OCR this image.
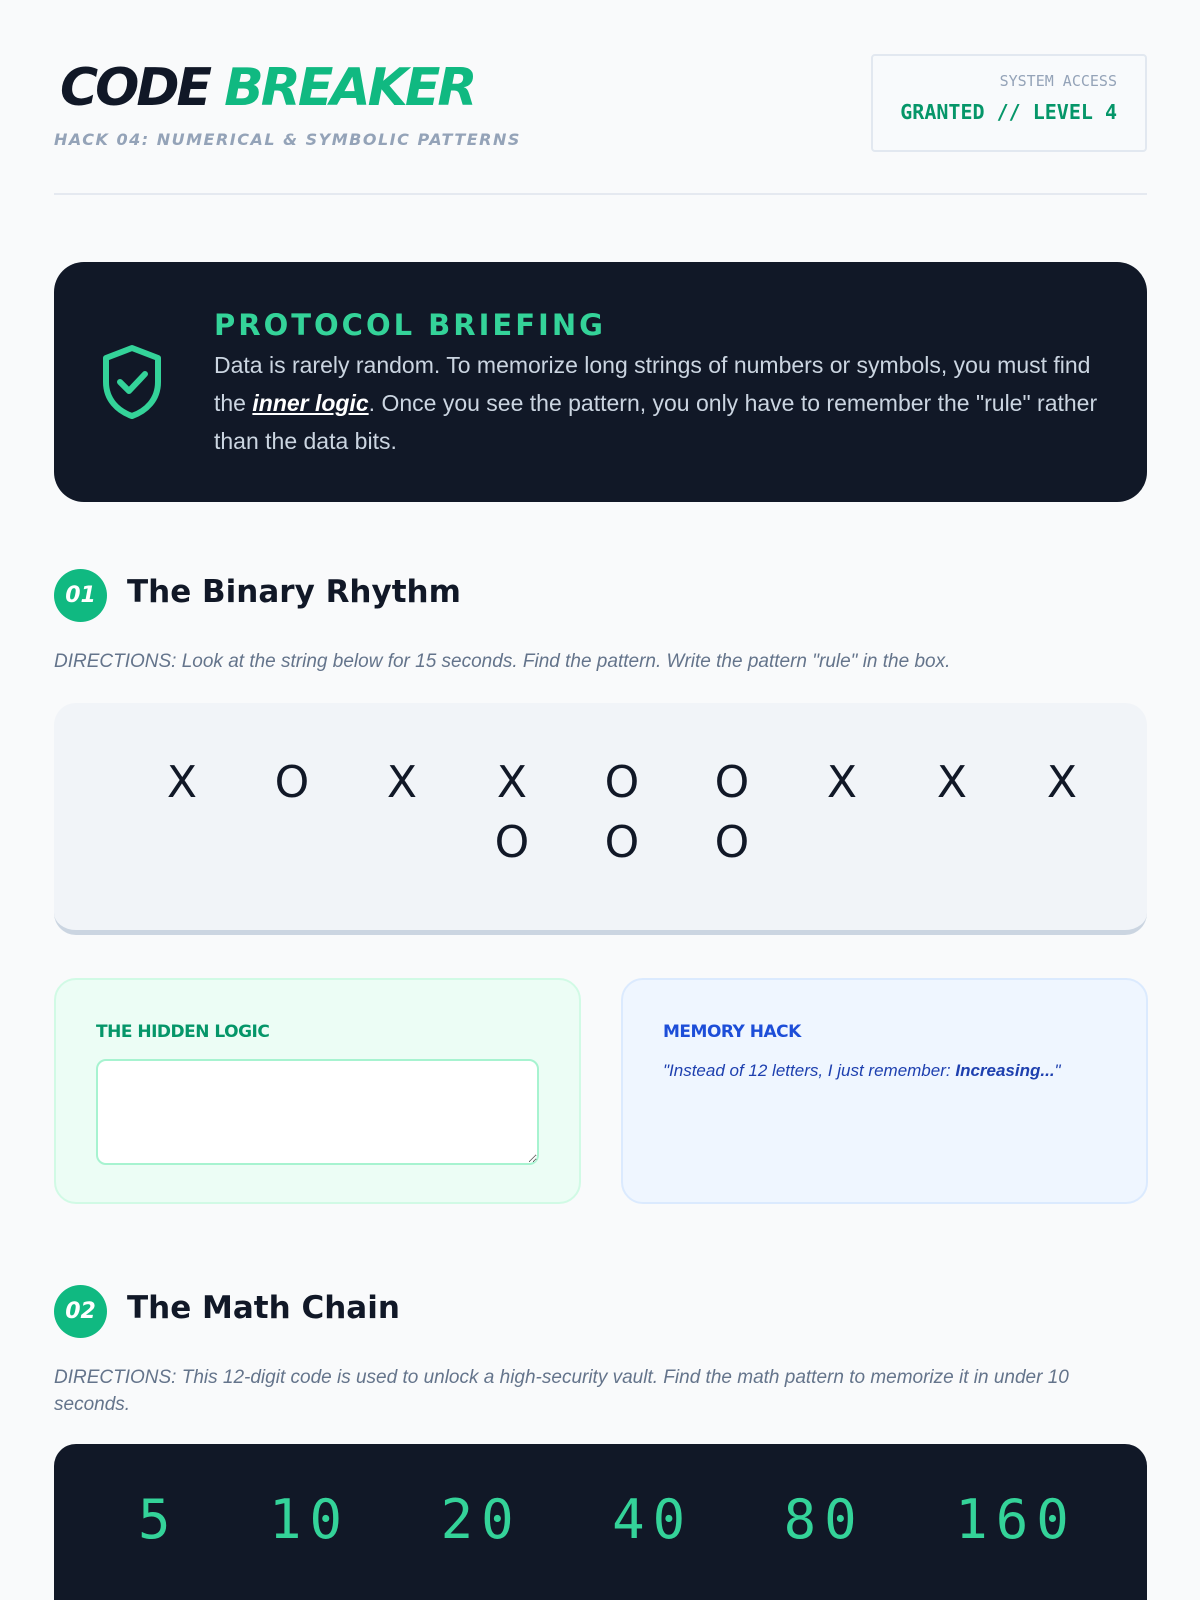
CODE BREAKER
HACK 04: NUMERICAL & SYMBOLIC PATTERNS
SYSTEM ACCESS
GRANTED // LEVEL 4
PROTOCOL BRIEFING
Data is rarely random. To memorize long strings of numbers or symbols, you must find the inner logic. Once you see the pattern, you only have to remember the "rule" rather than the data bits.
01	The Binary Rhythm
DIRECTIONS: Look at the string below for 15 seconds. Find the pattern. Write the pattern "rule" in the box.
X	O	X	X	O	O	X	X	X
O	O	O
THE HIDDEN LOGIC	MEMORY HACK
"Instead of 12 letters, I just remember: Increasing..."
02	The Math Chain
DIRECTIONS: This 12-digit code is used to unlock a high-security vault. Find the math pattern to memorize it in under 10 seconds.
5 10 20 40 80 160
